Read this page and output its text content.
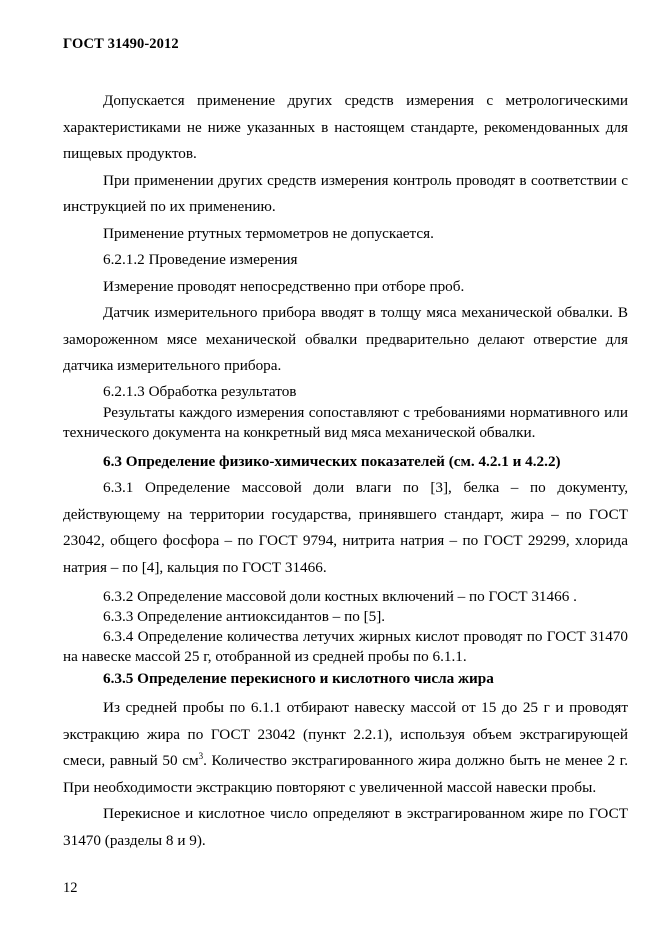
ГОСТ 31490-2012

Допускается применение других средств измерения с метрологическими характеристиками не ниже указанных в настоящем стандарте, рекомендованных для пищевых продуктов.

При применении других средств измерения контроль проводят в соответствии с инструкцией по их применению.

Применение ртутных термометров не допускается.

6.2.1.2 Проведение измерения

Измерение проводят непосредственно при отборе проб.

Датчик измерительного прибора вводят в толщу мяса механической обвалки. В замороженном мясе механической обвалки предварительно делают отверстие для датчика измерительного прибора.

6.2.1.3 Обработка результатов

Результаты каждого измерения сопоставляют с требованиями нормативного или технического документа на конкретный вид мяса механической обвалки.

6.3 Определение физико-химических показателей (см. 4.2.1 и 4.2.2)

6.3.1 Определение массовой доли влаги по [3], белка – по документу, действующему на территории государства, принявшего стандарт, жира – по ГОСТ 23042, общего фосфора – по ГОСТ 9794, нитрита натрия – по ГОСТ 29299, хлорида натрия – по [4], кальция по ГОСТ 31466.

6.3.2 Определение массовой доли костных включений – по ГОСТ 31466 .

6.3.3 Определение антиоксидантов – по [5].

6.3.4 Определение количества летучих жирных кислот проводят по ГОСТ 31470 на навеске массой 25 г, отобранной из средней пробы по 6.1.1.

6.3.5 Определение перекисного и кислотного числа жира

Из средней пробы по 6.1.1 отбирают навеску массой от 15 до 25 г и проводят экстракцию жира по ГОСТ 23042 (пункт 2.2.1), используя объем экстрагирующей смеси, равный 50 $см^3$. Количество экстрагированного жира должно быть не менее 2 г. При необходимости экстракцию повторяют с увеличенной массой навески пробы.

Перекисное и кислотное число определяют в экстрагированном жире по ГОСТ 31470 (разделы 8 и 9).

12
